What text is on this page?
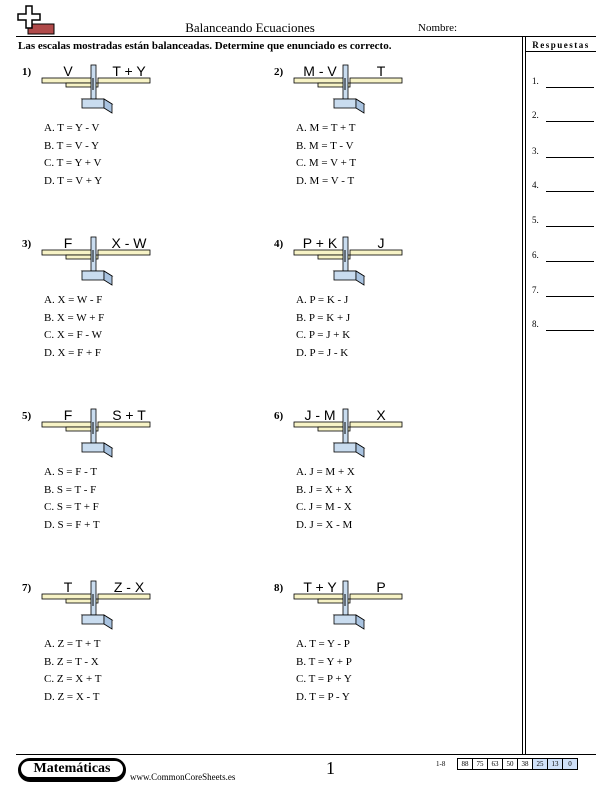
Balanceando Ecuaciones	Nombre:
Las escalas mostradas están balanceadas. Determine que enunciado es correcto.	Respuestas
1.
2.
3.
4.
5.
6.
7.
8.
1)	V	T + Y
A. T = Y - V
B. T = V - Y
C. T = Y + V
D. T = V + Y
2)	M - V	T
A. M = T + T
B. M = T - V
C. M = V + T
D. M = V - T
3)	F	X - W
A. X = W - F
B. X = W + F
C. X = F - W
D. X = F + F
4)	P + K	J
A. P = K - J
B. P = K + J
C. P = J + K
D. P = J - K
5)	F	S + T
A. S = F - T
B. S = T - F
C. S = T + F
D. S = F + T
6)	J - M	X
A. J = M + X
B. J = X + X
C. J = M - X
D. J = X - M
7)	T	Z - X
A. Z = T + T
B. Z = T - X
C. Z = X + T
D. Z = X - T
8)	T + Y	P
A. T = Y - P
B. T = Y + P
C. T = P + Y
D. T = P - Y
Matemáticas
www.CommonCoreSheets.es	1	1-8	88	75	63	50	38	25	13	0
